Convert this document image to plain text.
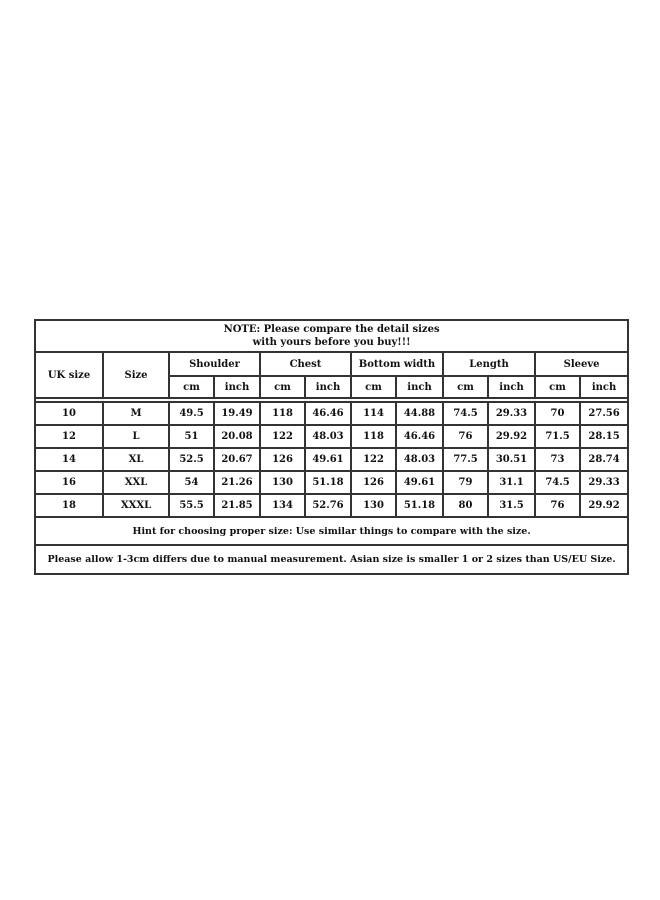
NOTE: Please compare the detail sizes
with yours before you buy!!!											

UK size	Size	Shoulder		Chest		Bottom width		Length		Sleeve	
		cm	inch	cm	inch	cm	inch	cm	inch	cm	inch

10	M	49.5	19.49	118	46.46	114	44.88	74.5	29.33	70	27.56
12	L	51	20.08	122	48.03	118	46.46	76	29.92	71.5	28.15
14	XL	52.5	20.67	126	49.61	122	48.03	77.5	30.51	73	28.74
16	XXL	54	21.26	130	51.18	126	49.61	79	31.1	74.5	29.33
18	XXXL	55.5	21.85	134	52.76	130	51.18	80	31.5	76	29.92
Hint for choosing proper size: Use similar things to compare with the size.											
Please allow 1-3cm differs due to manual measurement. Asian size is smaller 1 or 2 sizes than US/EU Size.											
